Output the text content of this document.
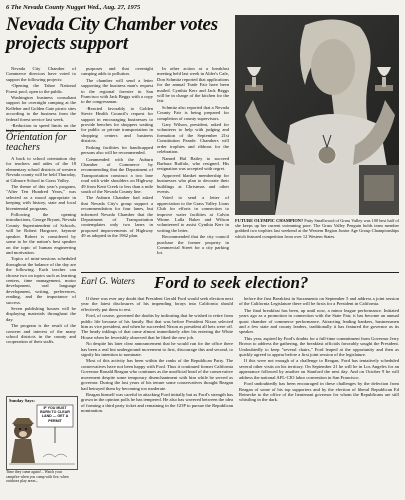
6 The Nevada County Nugget Wed., Aug. 27, 1975
Nevada City Chamber votes projects support

Nevada City Chamber of Commerce directors have voted to support the following projects:

-Opening the Tahoe National Forest pool, open to the public.

Washington business consultant support for overnight camping at the Kelleher and Golden Gate picnic sites according to the business from the federal forest service last week.

-Reduction in speed limits on the highways.

purposes and that overnight camping adds to pollution.

The chamber will send a letter supporting the business man's request to the regional forester in San Francisco with Jack Beggs with a copy to the congressman.

-Reacted favorably to Golden Stevie Health Council's request for support in encouraging businesses to provide benches for shoppers waiting for public or private transportation in shopping centers and business districts.

Parking facilities for handicapped persons also will be recommended.

Commended with the Auburn Chamber of Commerce by recommending that the Department of Transportation construct a two lane road with wide shoulders on Highway 49 from Kent Creek to less than a mile south of the Nevada County line.

The Auburn Chamber had asked that Nevada City's group support a recommendation for four lanes, but informed Nevada Chamber that the Department of Transportation contemplates only two lanes in proposed improvements of Highway 49 as adopted in the 1962 plan.

In other action at a breakfast meeting held last week in Alder's Cafe, Don Schmitz reported that applications for the annual Trade Fair have been mailed. Cynthia Kerr and Jack Beggs will be in charge of the kitchen for the fair.

Schmitz also reported that a Nevada County Fair is being prepared for completion of county supervisors.

Gary Wilson, president, asked for volunteers to help with judging and formation of the September 21st Constitution Parade. Chambers will order trophies and ribbons for the celebration.

Named Hal Bailey to succeed Barbara Ruffalo, who resigned. His resignation was accepted with regret.

Approved blanket membership for businesses who plan to decorate their buildings at Christmas and other events.

Voted to send a letter of appreciation to the Grass Valley Lions Club for efforts in connection to improve water facilities at Calvin Winne. Lalla Baker and Wilson volunteered to assist Cynthia Kerr in writing the letter.

Recommended that the city council purchase the former property in Commercial Street for a city parking lot.

Orientation for teachers

A back to school orientation day for teachers and aides of the 18 elementary school districts of western Nevada county will be held Thursday, at Gilmore School in Grass Valley.

The theme of this year's program, "After Ten Hundred Years," was selected as a mood appropriate in keeping with history, state and local bicentennial programs.

Following the opening introductions, George Bryant, Nevada County Superintendent of Schools, will be Robert Hargrave, keynote speaker. Robert is considered by some to be the nation's best speaker on the topic of human engineering and motivation.

Topics of mini-sessions scheduled throughout the balance of the day are the following. Each teacher can choose two on topics such as learning centers, time management, motor development, oral language development, writing, preferences, reading, and the importance of success.

Seven publishing houses will be displaying materials throughout the day.

The program is the result of the concern and interest of the many school districts in the county and cooperation of their staffs.

Sunday Says:
IF YOU MUST BURN TO CLEAR LAND — GET A PERMIT
Time they came again!... Watch your campfire when you camp with fire, when outdoors play areas...
FUTURE OLYMPIC CHAMPION? Patty Smallwood of Grass Valley was 100 best half of she keeps up her current swimming pace. The Grass Valley Penguin holds team member grabbed two trophies last weekend at the Western Region Junior Age Group Championships which featured competition from over 12 Western States.
Earl G. Waters	Ford to seek election?

If there was ever any doubt that President Gerald Ford would seek election next year the latest disclosures of his impending forays into California should effectively put them to rest.

Ford, of course, governed the doubts by indicating that he wished to retire from public life because of his family. But that was before President Nixon selected him as vice president, and when he succeeded Nixon as president all bets were off. The heady inklings of that came almost immediately after his entering the White House when he feverishly observed that he liked the new job.

No despite his later clear announcement that he would run for the office there has been a real but underground movement to first, discourage this and second, to signify his intention to nominate.

Most of this activity has been within the ranks of the Republican Party. The conservatives have not been happy with Ford. Thus it continued former California Governor Ronald Reagan who continues as the unofficial head of the conservative movement despite some temporary disenchantment with him while he served as governor. During the last years of his tenure some conservatives thought Reagan had betrayed them by becoming too moderate.

Reagan himself was careful in attacking Ford initially but as Ford's strength has grown in the opinion polls he has tempered. He also has wavered between the idea of forming a third party ticket and remaining in the GOP to pursue the Republican nomination.

before the first Breakfast in Sacramento on September 5 and address a joint session of the California Legislature there will be firsts for a President in California.

The final breakfast has been, up until now, a minor league performance. Initiated years ago as a promotion in connection with the State Fair, it has become an annual quasi chamber of commerce performance. Attracting leading bankers, businessmen and a few state and county leaders, traditionally it has featured the governor as its speaker.

This year, aspired by Ford's doubts for a full-time commitment from Governor Jerry Brown to address the gathering, the breakfast officials favorably sought the President. Undoubtedly to keep "several chairs," Ford leaped at the opportunity and then as quickly agreed to appear before a first joint session of the legislature.

If this were not enough of a challenge to Reagan, Ford has tentatively scheduled several other visits on his territory. On September 21 he will be in Los Angeles for an appearance followed by another on Stanford the next day. And on October 9 he will address the national AFL-CIO labor convention in San Francisco.

Ford undoubtedly has been encouraged in these challenges by the defection from Reagan of some of his top supporters and by the election of liberal Republican Ed Reinecke to the office of the lieutenant governor for whom the Republicans are still whistling in the dark.
